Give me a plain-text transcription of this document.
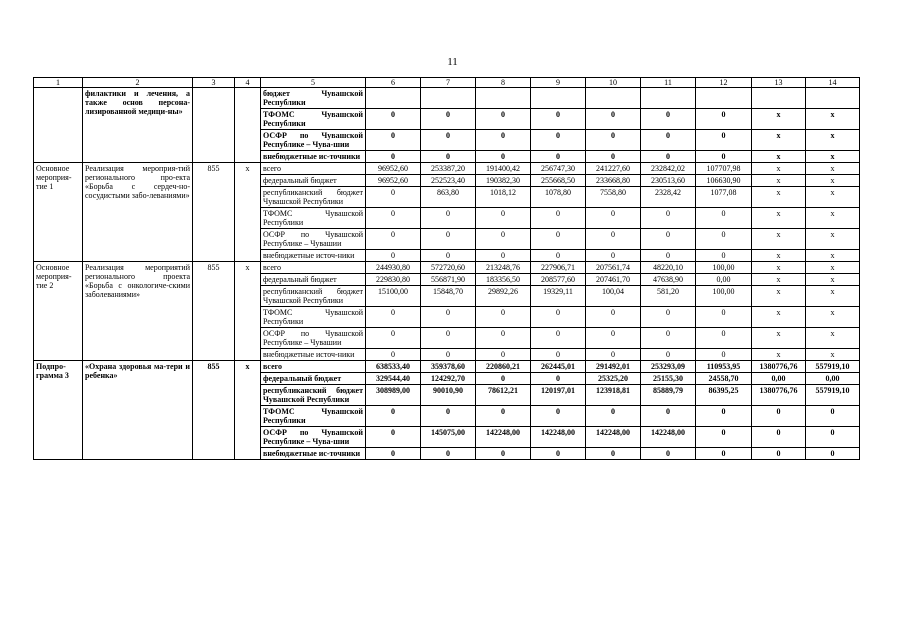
11
1	2	3	4	5	6	7	8	9	10	11	12	13	14
	филактики и лечения, а также основ персона-лизированной медици-ны»			бюджет Чувашской Республики									
				ТФОМС Чувашской Республики	0	0	0	0	0	0	0	x	x
				ОСФР по Чувашской Республике – Чува-шии	0	0	0	0	0	0	0	x	x
				внебюджетные ис-точники	0	0	0	0	0	0	0	x	x
Основное мероприя-тие 1	Реализация мероприя-тий регионального про-екта «Борьба с сердеч-но-сосудистыми забо-леваниями»	855	x	всего	96952,60	253387,20	191400,42	256747,30	241227,60	232842,02	107707,98	x	x
				федеральный бюджет	96952,60	252523,40	190382,30	255668,50	233668,80	230513,60	106630,90	x	x
				республиканский бюджет Чувашской Республики	0	863,80	1018,12	1078,80	7558,80	2328,42	1077,08	x	x
				ТФОМС Чувашской Республики	0	0	0	0	0	0	0	x	x
				ОСФР по Чувашской Республике – Чувашии	0	0	0	0	0	0	0	x	x
				внебюджетные источ-ники	0	0	0	0	0	0	0	x	x
Основное мероприя-тие 2	Реализация мероприятий регионального проекта «Борьба с онкологиче-скими заболеваниями»	855	x	всего	244930,80	572720,60	213248,76	227906,71	207561,74	48220,10	100,00	x	x
				федеральный бюджет	229830,80	556871,90	183356,50	208577,60	207461,70	47638,90	0,00	x	x
				республиканский бюджет Чувашской Республики	15100,00	15848,70	29892,26	19329,11	100,04	581,20	100,00	x	x
				ТФОМС Чувашской Республики	0	0	0	0	0	0	0	x	x
				ОСФР по Чувашской Республике – Чувашии	0	0	0	0	0	0	0	x	x
				внебюджетные источ-ники	0	0	0	0	0	0	0	x	x
Подпро-грамма 3	«Охрана здоровья ма-тери и ребенка»	855	x	всего	638533,40	359378,60	220860,21	262445,01	291492,01	253293,09	110953,95	1380776,76	557919,10
				федеральный бюджет	329544,40	124292,70	0	0	25325,20	25155,30	24558,70	0,00	0,00
				республиканский бюджет Чувашской Республики	308989,00	90010,90	78612,21	120197,01	123918,81	85889,79	86395,25	1380776,76	557919,10
				ТФОМС Чувашской Республики	0	0	0	0	0	0	0	0	0
				ОСФР по Чувашской Республике – Чува-шии	0	145075,00	142248,00	142248,00	142248,00	142248,00	0	0	0
				внебюджетные ис-точники	0	0	0	0	0	0	0	0	0
